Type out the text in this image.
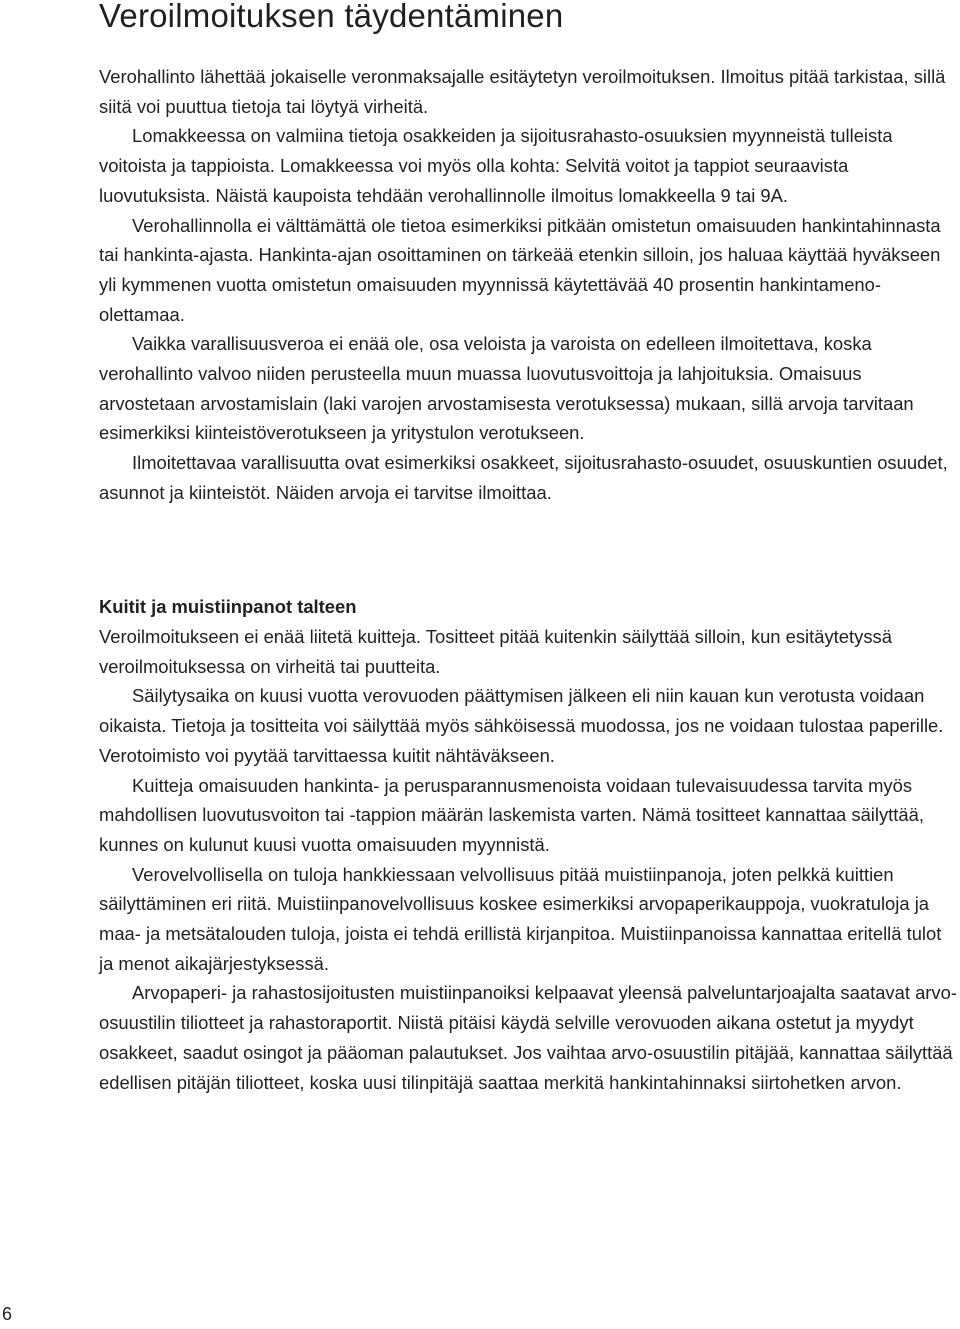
Veroilmoituksen täydentäminen

Verohallinto lähettää jokaiselle veronmaksajalle esitäytetyn veroilmoituksen. Ilmoitus pitää tarkistaa, sillä siitä voi puuttua tietoja tai löytyä virheitä.

Lomakkeessa on valmiina tietoja osakkeiden ja sijoitusrahasto-osuuksien myynneistä tulleista voitoista ja tappioista. Lomakkeessa voi myös olla kohta: Selvitä voitot ja tappiot seuraavista luovutuksista. Näistä kaupoista tehdään verohallinnolle ilmoitus lomakkeella 9 tai 9A.

Verohallinnolla ei välttämättä ole tietoa esimerkiksi pitkään omistetun omaisuuden hankintahinnasta tai hankinta-ajasta. Hankinta-ajan osoittaminen on tärkeää etenkin silloin, jos haluaa käyttää hyväkseen yli kymmenen vuotta omistetun omaisuuden myynnissä käytettävää 40 prosentin hankintameno-olettamaa.

Vaikka varallisuusveroa ei enää ole, osa veloista ja varoista on edelleen ilmoitettava, koska verohallinto valvoo niiden perusteella muun muassa luovutusvoittoja ja lahjoituksia. Omaisuus arvostetaan arvostamislain (laki varojen arvostamisesta verotuksessa) mukaan, sillä arvoja tarvitaan esimerkiksi kiinteistöverotukseen ja yritystulon verotukseen.

Ilmoitettavaa varallisuutta ovat esimerkiksi osakkeet, sijoitusrahasto-osuudet, osuuskuntien osuudet, asunnot ja kiinteistöt. Näiden arvoja ei tarvitse ilmoittaa.

Kuitit ja muistiinpanot talteen

Veroilmoitukseen ei enää liitetä kuitteja. Tositteet pitää kuitenkin säilyttää silloin, kun esitäytetyssä veroilmoituksessa on virheitä tai puutteita.

Säilytysaika on kuusi vuotta verovuoden päättymisen jälkeen eli niin kauan kun verotusta voidaan oikaista. Tietoja ja tositteita voi säilyttää myös sähköisessä muodossa, jos ne voidaan tulostaa paperille. Verotoimisto voi pyytää tarvittaessa kuitit nähtäväkseen.

Kuitteja omaisuuden hankinta- ja perusparannusmenoista voidaan tulevaisuudessa tarvita myös mahdollisen luovutusvoiton tai -tappion määrän laskemista varten. Nämä tositteet kannattaa säilyttää, kunnes on kulunut kuusi vuotta omaisuuden myynnistä.

Verovelvollisella on tuloja hankkiessaan velvollisuus pitää muistiinpanoja, joten pelkkä kuittien säilyttäminen eri riitä. Muistiinpanovelvollisuus koskee esimerkiksi arvopaperikauppoja, vuokratuloja ja maa- ja metsätalouden tuloja, joista ei tehdä erillistä kirjanpitoa. Muistiinpanoissa kannattaa eritellä tulot ja menot aikajärjestyksessä.

Arvopaperi- ja rahastosijoitusten muistiinpanoiksi kelpaavat yleensä palveluntarjoajalta saatavat arvo-osuustilin tiliotteet ja rahastoraportit. Niistä pitäisi käydä selville verovuoden aikana ostetut ja myydyt osakkeet, saadut osingot ja pääoman palautukset. Jos vaihtaa arvo-osuustilin pitäjää, kannattaa säilyttää edellisen pitäjän tiliotteet, koska uusi tilinpitäjä saattaa merkitä hankintahinnaksi siirtohetken arvon.

6
